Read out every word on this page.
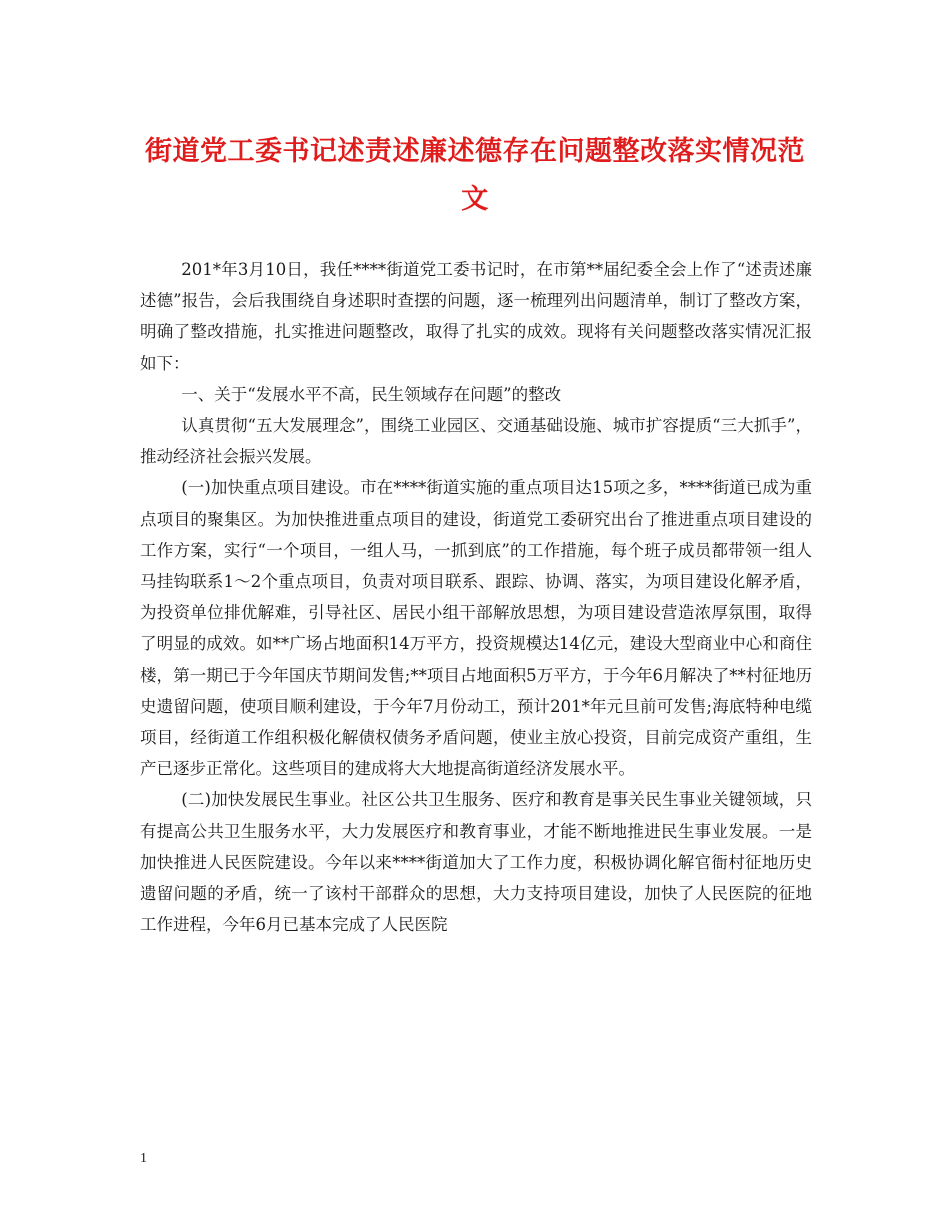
街道党工委书记述责述廉述德存在问题整改落实情况范文

201*年3月10日，我任****街道党工委书记时，在市第**届纪委全会上作了“述责述廉述德”报告，会后我围绕自身述职时查摆的问题，逐一梳理列出问题清单，制订了整改方案，明确了整改措施，扎实推进问题整改，取得了扎实的成效。现将有关问题整改落实情况汇报如下：

一、关于“发展水平不高，民生领域存在问题”的整改

认真贯彻“五大发展理念”，围绕工业园区、交通基础设施、城市扩容提质“三大抓手”，推动经济社会振兴发展。

(一)加快重点项目建设。市在****街道实施的重点项目达15项之多，****街道已成为重点项目的聚集区。为加快推进重点项目的建设，街道党工委研究出台了推进重点项目建设的工作方案，实行“一个项目，一组人马，一抓到底”的工作措施，每个班子成员都带领一组人马挂钩联系1～2个重点项目，负责对项目联系、跟踪、协调、落实，为项目建设化解矛盾，为投资单位排优解难，引导社区、居民小组干部解放思想，为项目建设营造浓厚氛围，取得了明显的成效。如**广场占地面积14万平方，投资规模达14亿元，建设大型商业中心和商住楼，第一期已于今年国庆节期间发售;**项目占地面积5万平方，于今年6月解决了**村征地历史遗留问题，使项目顺利建设，于今年7月份动工，预计201*年元旦前可发售;海底特种电缆项目，经街道工作组积极化解债权债务矛盾问题，使业主放心投资，目前完成资产重组，生产已逐步正常化。这些项目的建成将大大地提高街道经济发展水平。

(二)加快发展民生事业。社区公共卫生服务、医疗和教育是事关民生事业关键领域，只有提高公共卫生服务水平，大力发展医疗和教育事业，才能不断地推进民生事业发展。一是加快推进人民医院建设。今年以来****街道加大了工作力度，积极协调化解官衙村征地历史遗留问题的矛盾，统一了该村干部群众的思想，大力支持项目建设，加快了人民医院的征地工作进程，今年6月已基本完成了人民医院

1
